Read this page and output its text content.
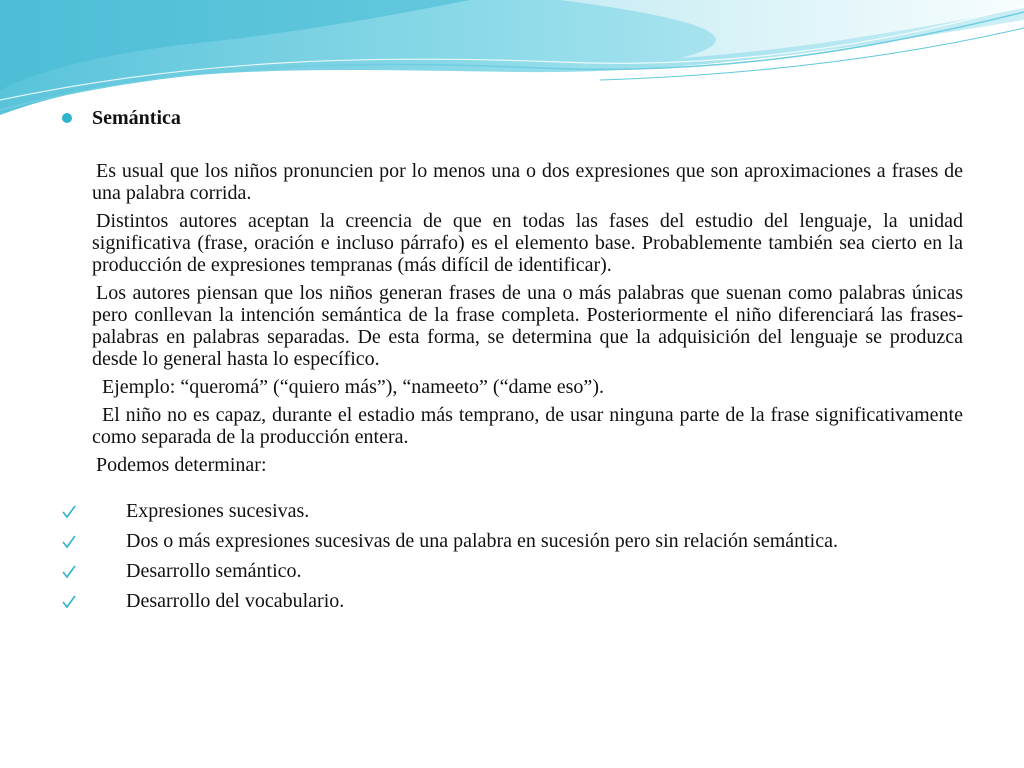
Semántica

Es usual que los niños pronuncien por lo menos una o dos expresiones que son aproximaciones a frases de una palabra corrida.

Distintos autores aceptan la creencia de que en todas las fases del estudio del lenguaje, la unidad significativa (frase, oración e incluso párrafo) es el elemento base. Probablemente también sea cierto en la producción de expresiones tempranas (más difícil de identificar).

Los autores piensan que los niños generan frases de una o más palabras que suenan como palabras únicas pero conllevan la intención semántica de la frase completa. Posteriormente el niño diferenciará las frases-palabras en palabras separadas. De esta forma, se determina que la adquisición del lenguaje se produzca desde lo general hasta lo específico.

Ejemplo: “queromá” (“quiero más”), “nameeto” (“dame eso”).

El niño no es capaz, durante el estadio más temprano, de usar ninguna parte de la frase significativamente como separada de la producción entera.

Podemos determinar:

Expresiones sucesivas.
Dos o más expresiones sucesivas de una palabra en sucesión pero sin relación semántica.
Desarrollo semántico.
Desarrollo del vocabulario.
